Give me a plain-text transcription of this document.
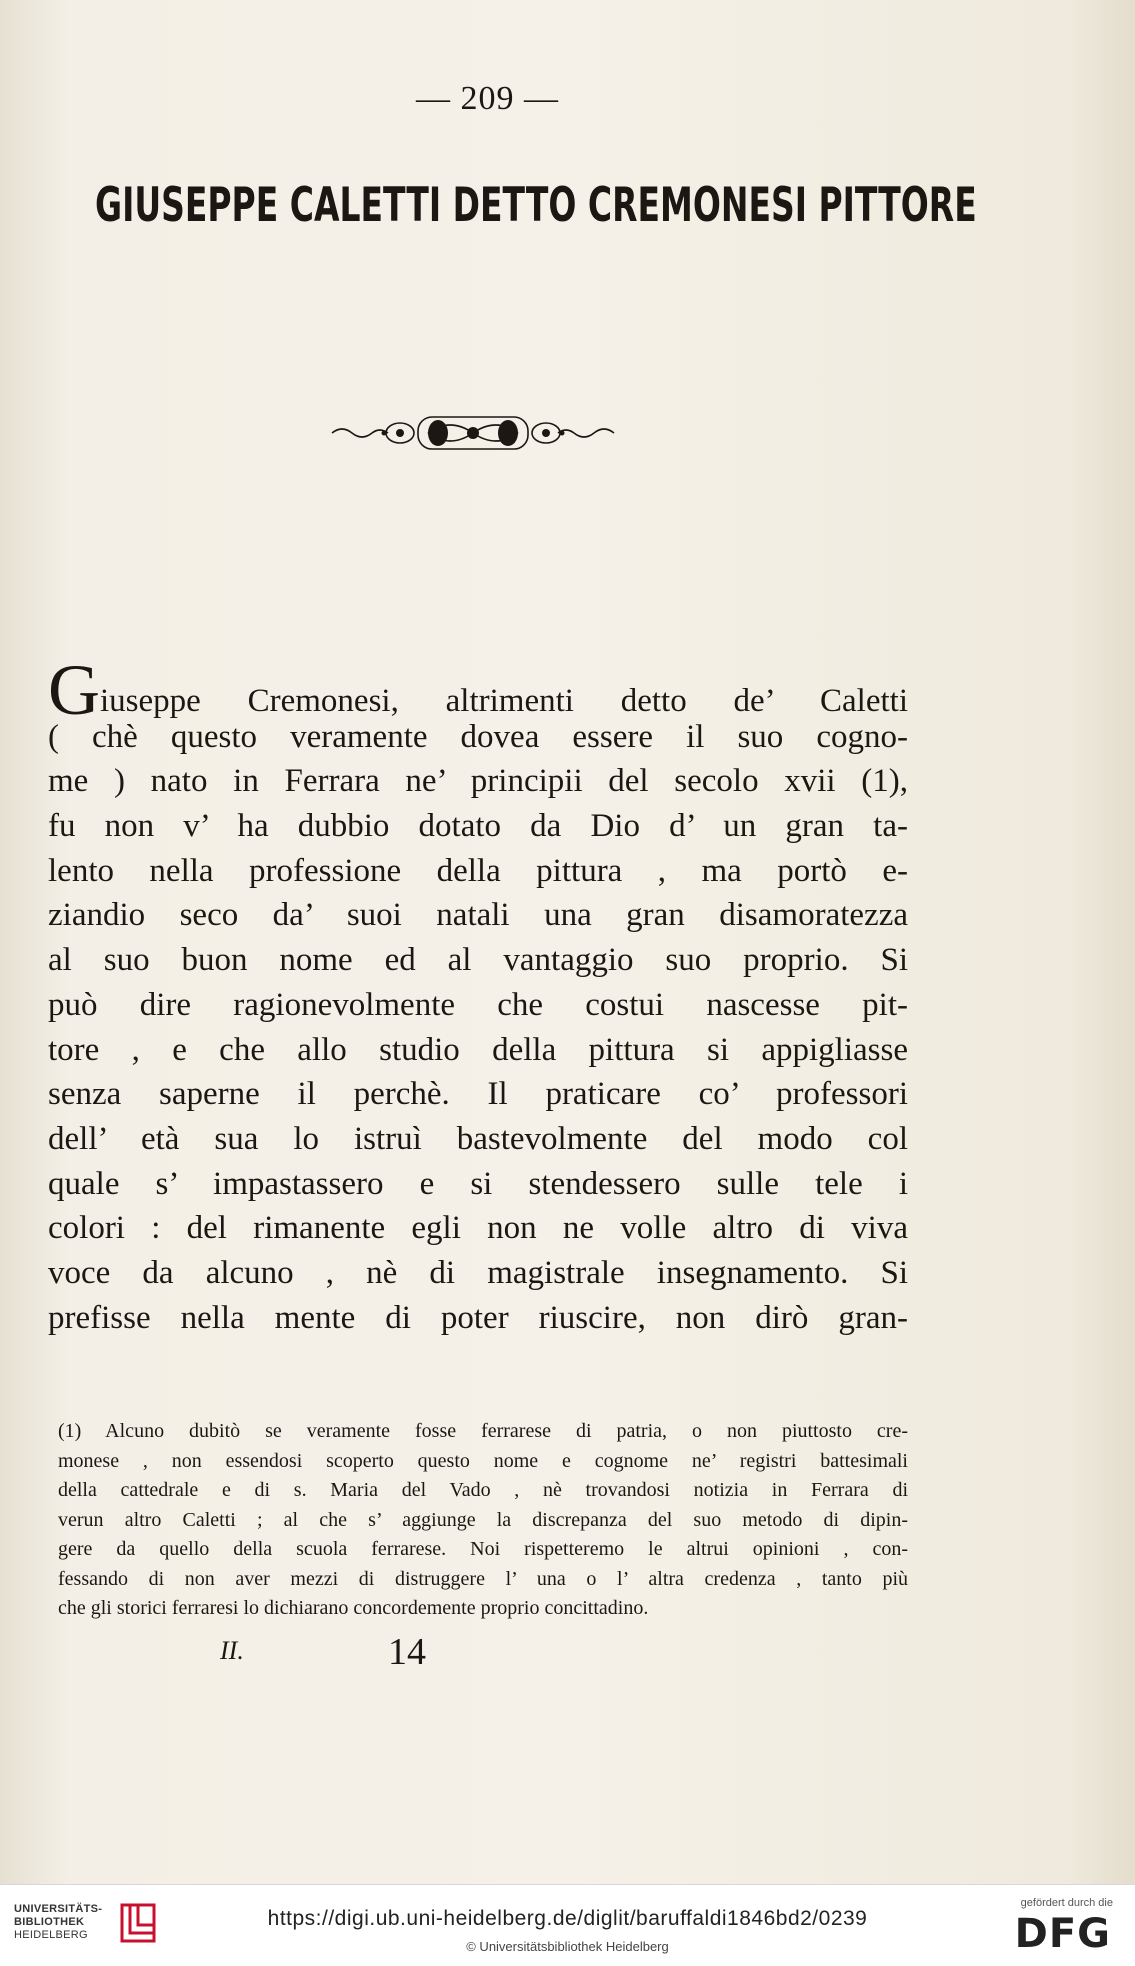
— 209 —
GIUSEPPE CALETTI DETTO CREMONESI PITTORE
Giuseppe Cremonesi, altrimenti detto de’ Caletti
( chè questo veramente dovea essere il suo cogno-
me ) nato in Ferrara ne’ principii del secolo xvii (1),
fu non v’ ha dubbio dotato da Dio d’ un gran ta-
lento nella professione della pittura , ma portò e-
ziandio seco da’ suoi natali una gran disamoratezza
al suo buon nome ed al vantaggio suo proprio. Si
può dire ragionevolmente che costui nascesse pit-
tore , e che allo studio della pittura si appigliasse
senza saperne il perchè. Il praticare co’ professori
dell’ età sua lo istruì bastevolmente del modo col
quale s’ impastassero e si stendessero sulle tele i
colori : del rimanente egli non ne volle altro di viva
voce da alcuno , nè di magistrale insegnamento. Si
prefisse nella mente di poter riuscire, non dirò gran-
(1) Alcuno dubitò se veramente fosse ferrarese di patria, o non piuttosto cre-
monese , non essendosi scoperto questo nome e cognome ne’ registri battesimali
della cattedrale e di s. Maria del Vado , nè trovandosi notizia in Ferrara di
verun altro Caletti ; al che s’ aggiunge la discrepanza del suo metodo di dipin-
gere da quello della scuola ferrarese. Noi rispetteremo le altrui opinioni , con-
fessando di non aver mezzi di distruggere l’ una o l’ altra credenza , tanto più
che gli storici ferraresi lo dichiarano concordemente proprio concittadino.
II.	14
UNIVERSITÄTS-
BIBLIOTHEK
HEIDELBERG
https://digi.ub.uni-heidelberg.de/diglit/baruffaldi1846bd2/0239
© Universitätsbibliothek Heidelberg
gefördert durch die
DFG
